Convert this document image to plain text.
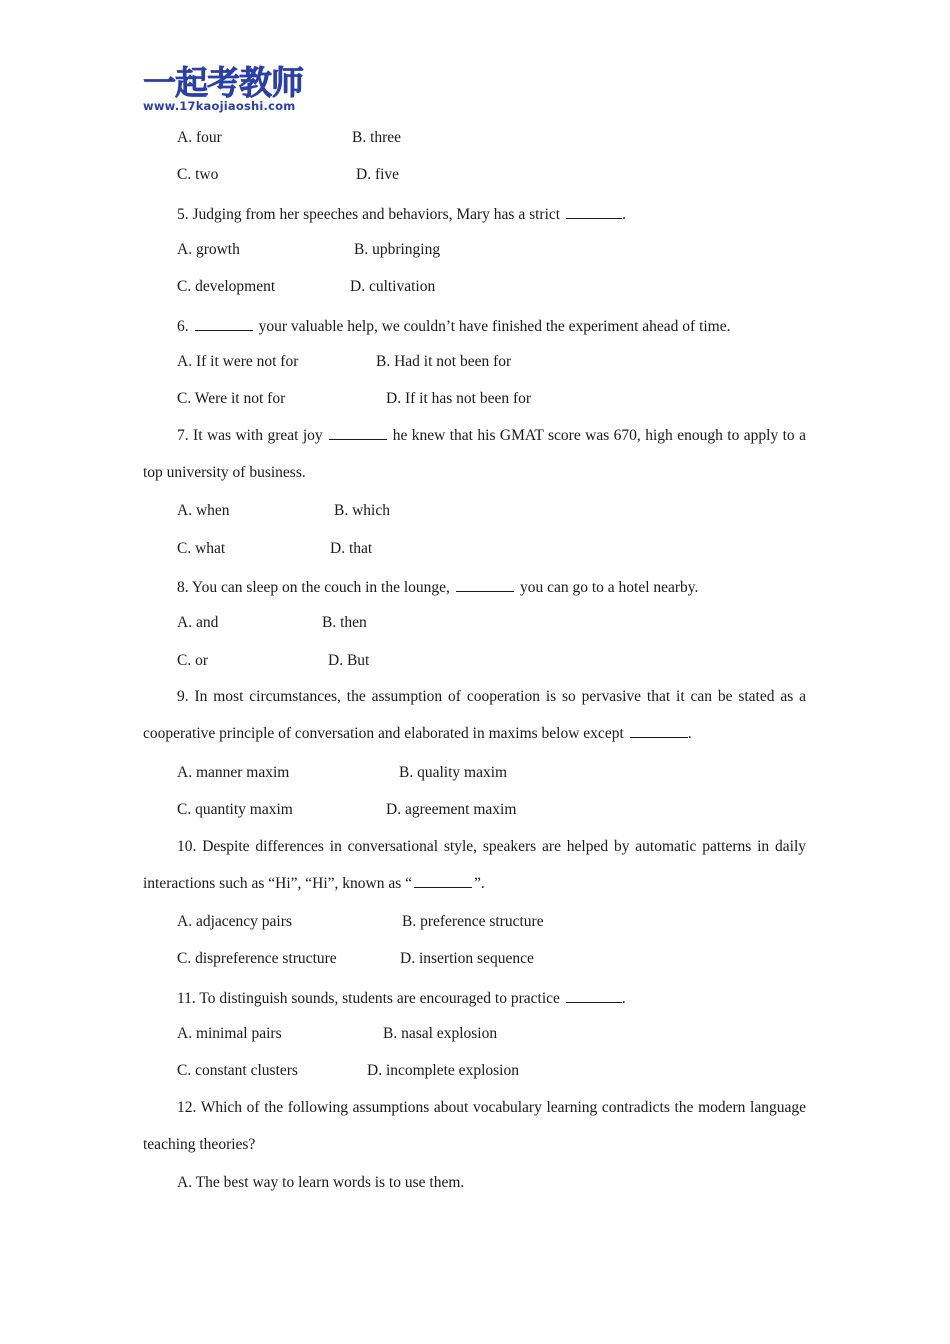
一起考教师
www.17kaojiaoshi.com
A. four	B. three
C. two	D. five
5. Judging from her speeches and behaviors, Mary has a strict	.
A. growth	B. upbringing
C. development	D. cultivation
6.	your valuable help, we couldn’t have finished the experiment ahead of time.
A. If it were not for	B. Had it not been for
C. Were it not for	D. If it has not been for
7. It was with great joy	he knew that his GMAT score was 670, high enough to apply to a top university of business.
A. when	B. which
C. what	D. that
8. You can sleep on the couch in the lounge,	you can go to a hotel nearby.
A. and	B. then
C. or	D. But
9. In most circumstances, the assumption of cooperation is so pervasive that it can be stated as a cooperative principle of conversation and elaborated in maxims below except	.
A. manner maxim	B. quality maxim
C. quantity maxim	D. agreement maxim
10. Despite differences in conversational style, speakers are helped by automatic patterns in daily interactions such as “Hi”, “Hi”, known as “	”.
A. adjacency pairs	B. preference structure
C. dispreference structure	D. insertion sequence
11. To distinguish sounds, students are encouraged to practice	.
A. minimal pairs	B. nasal explosion
C. constant clusters	D. incomplete explosion
12. Which of the following assumptions about vocabulary learning contradicts the modern language teaching theories?
A. The best way to learn words is to use them.
